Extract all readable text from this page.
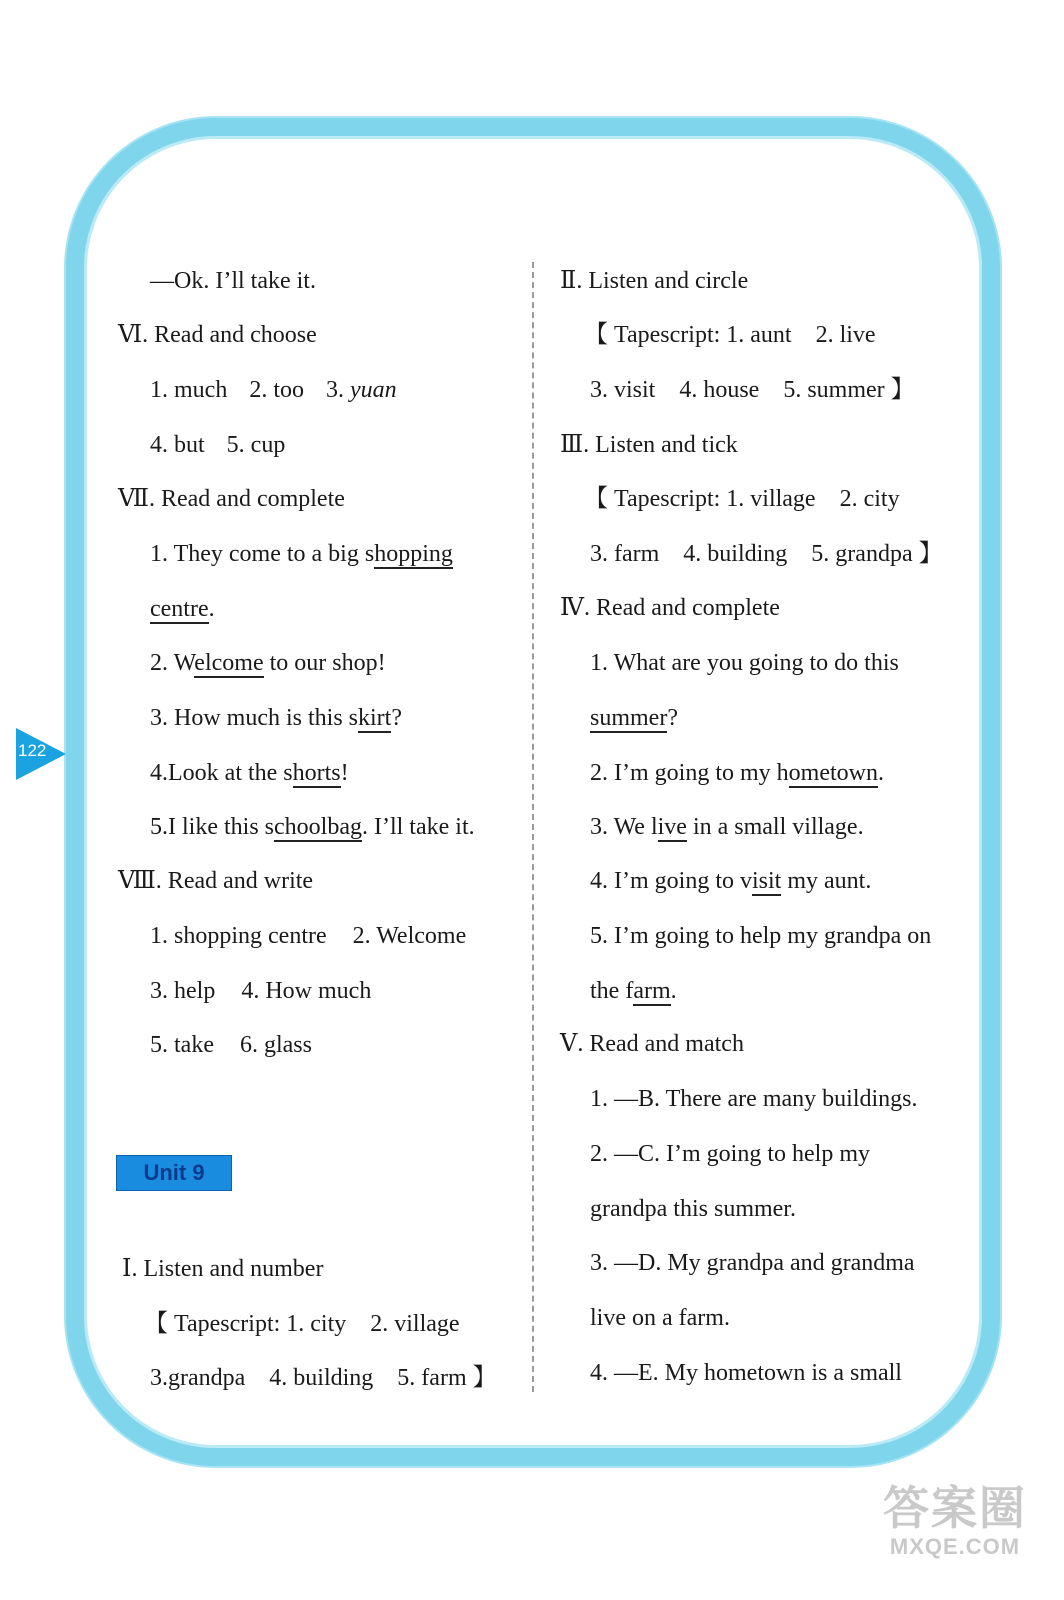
122
—Ok. I’ll take it.
Ⅵ. Read and choose
1. much 2. too 3. yuan
4. but 5. cup
Ⅶ. Read and complete
1. They come to a big shopping
centre.
2. Welcome to our shop!
3. How much is this skirt?
4.Look at the shorts!
5.I like this schoolbag. I’ll take it.
Ⅷ. Read and write
1. shopping centre 2. Welcome
3. help 4. How much
5. take 6. glass
Unit 9
Ⅰ. Listen and number
【 Tapescript: 1. city    2. village
3.grandpa    4. building    5. farm 】
Ⅱ. Listen and circle
【 Tapescript: 1. aunt    2. live
3. visit    4. house    5. summer 】
Ⅲ. Listen and tick
【 Tapescript: 1. village    2. city
3. farm    4. building    5. grandpa 】
Ⅳ. Read and complete
1. What are you going to do this
summer?
2. I’m going to my hometown.
3. We live in a small village.
4. I’m going to visit my aunt.
5. I’m going to help my grandpa on
the farm.
Ⅴ. Read and match
1. —B. There are many buildings.
2. —C. I’m going to help my
grandpa this summer.
3. —D. My grandpa and grandma
live on a farm.
4. —E. My hometown is a small
答案圈
MXQE.COM
